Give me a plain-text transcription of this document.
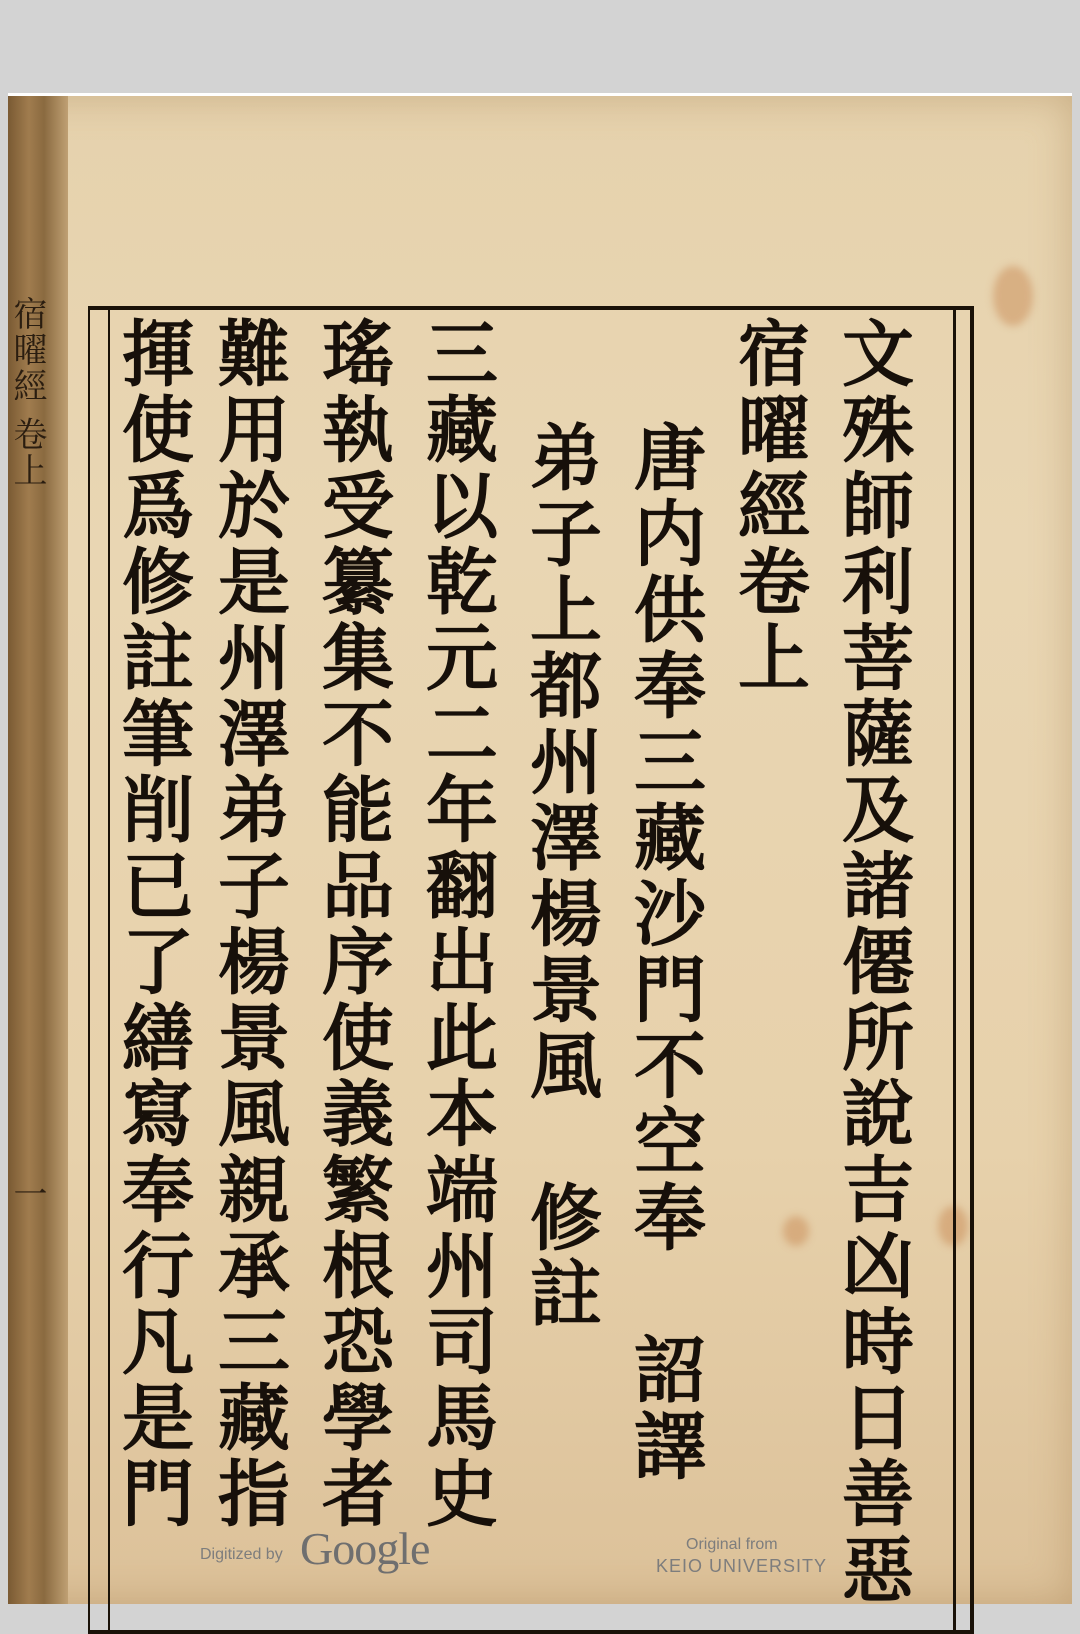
宿曜經 卷上
一	文殊師利菩薩及諸僊所說吉凶時日善惡
宿曜經卷上
唐内供奉三藏沙門不空奉　詔譯
弟子上都州澤楊景風　修註
三藏以乾元二年翻出此本端州司馬史
瑤執受纂集不能品序使義繁根恐學者
難用於是州澤弟子楊景風親承三藏指
揮使爲修註筆削已了繕寫奉行凡是門
Digitized by Google	Original from
KEIO UNIVERSITY
